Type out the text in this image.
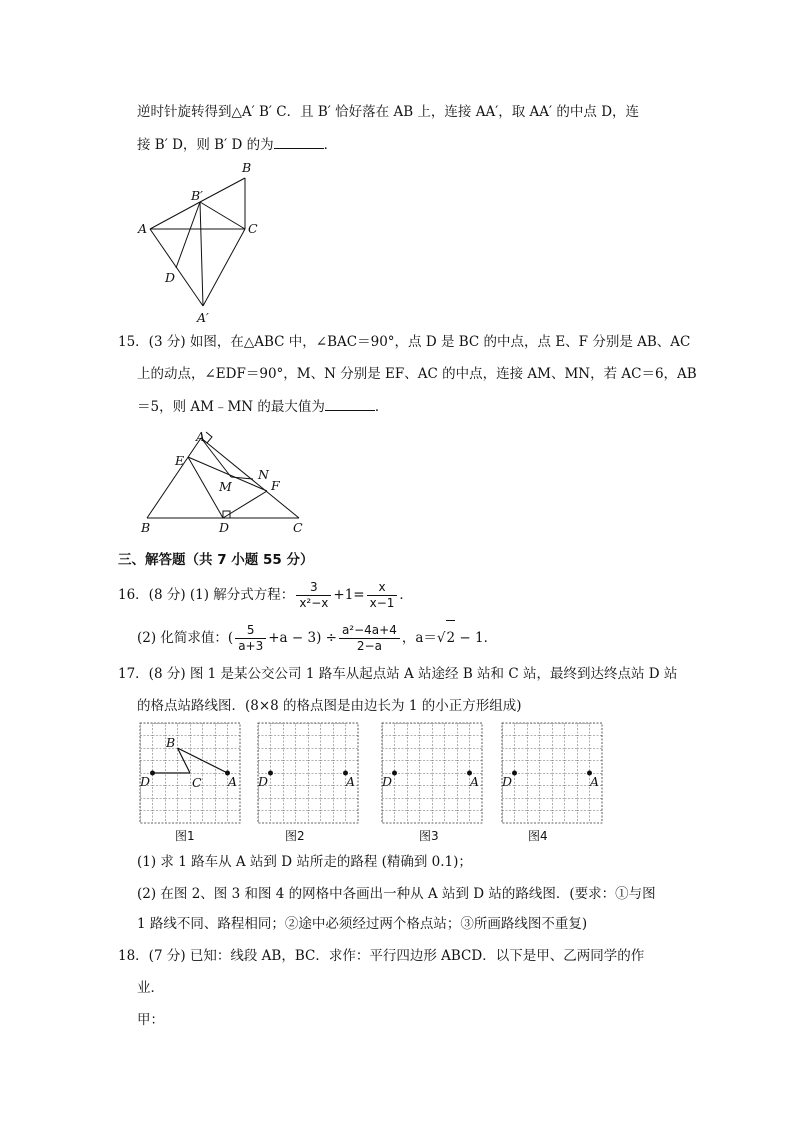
逆时针旋转得到△A′ B′ C．且 B′ 恰好落在 AB 上，连接 AA′，取 AA′ 的中点 D，连
接 B′ D，则 B′ D 的为	．
B
B′
A	C
D
A′
15．(3 分) 如图，在△ABC 中，∠BAC＝90°，点 D 是 BC 的中点，点 E、F 分别是 AB、AC
上的动点，∠EDF＝90°，M、N 分别是 EF、AC 的中点，连接 AM、MN，若 AC＝6，AB
＝5，则 AM﹣MN 的最大值为	．
A
E
N
M	F
B	D	C
三、解答题（共 7 小题 55 分）
16．(8 分) (1) 解分式方程： $\frac{3}{\text{x²−x}} +1= \frac{x}{x-1}$ ．
(2) 化简求值：( $\frac{5}{a+3} +a - 3) \div \frac{\text{a²−4a+4}}{2-a}$ ，a＝√2 − 1．
17．(8 分) 图 1 是某公交公司 1 路车从起点站 A 站途经 B 站和 C 站，最终到达终点站 D 站
的格点站路线图．(8×8 的格点图是由边长为 1 的小正方形组成)
B
C
D	A D	A D	A D	A
图1	图2	图3	图4
(1) 求 1 路车从 A 站到 D 站所走的路程 (精确到 0.1)；
(2) 在图 2、图 3 和图 4 的网格中各画出一种从 A 站到 D 站的路线图．(要求：①与图
1 路线不同、路程相同；②途中必须经过两个格点站；③所画路线图不重复)
18．(7 分) 已知：线段 AB，BC．求作：平行四边形 ABCD．以下是甲、乙两同学的作
业．
甲：
